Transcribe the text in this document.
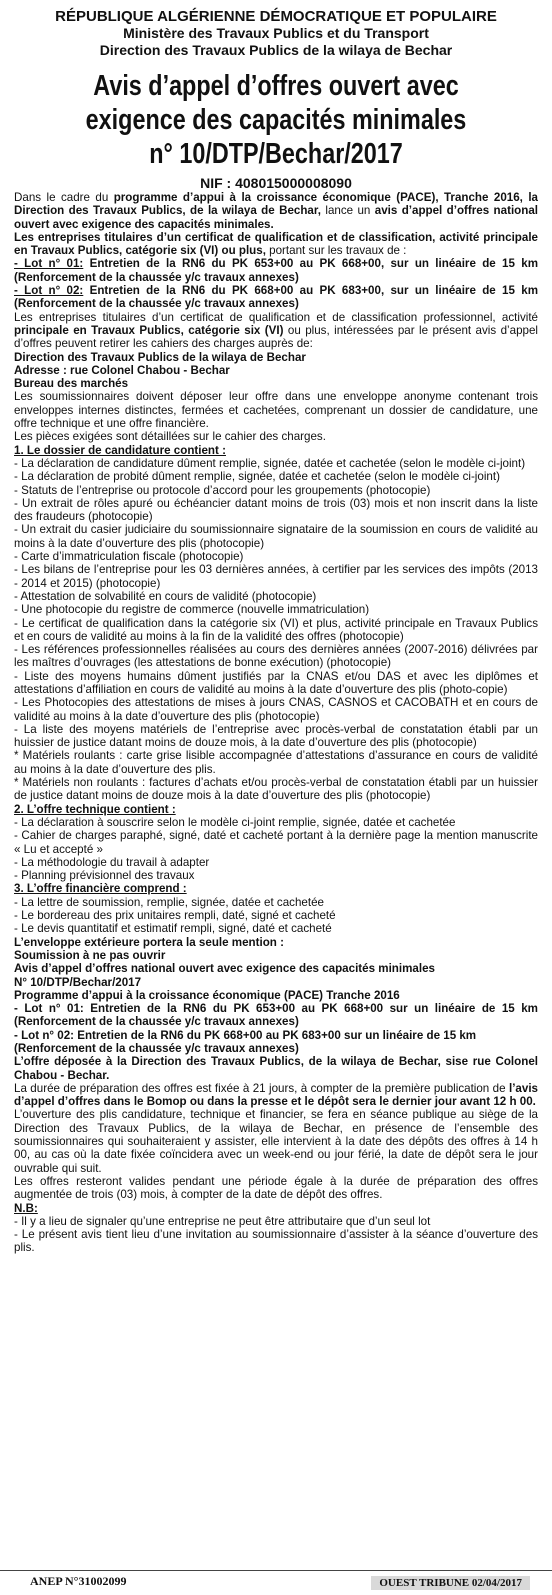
RÉPUBLIQUE ALGÉRIENNE DÉMOCRATIQUE ET POPULAIRE
Ministère des Travaux Publics et du Transport
Direction des Travaux Publics de la wilaya de Bechar
Avis d’appel d’offres ouvert avec
exigence des capacités minimales
n° 10/DTP/Bechar/2017
NIF : 408015000008090

Dans le cadre du programme d’appui à la croissance économique (PACE), Tranche 2016, la Direction des Travaux Publics, de la wilaya de Bechar, lance un avis d’appel d’offres national ouvert avec exigence des capacités minimales.

Les entreprises titulaires d’un certificat de qualification et de classification, activité principale en Travaux Publics, catégorie six (VI) ou plus, portant sur les travaux de :

- Lot n° 01: Entretien de la RN6 du PK 653+00 au PK 668+00, sur un linéaire de 15 km (Renforcement de la chaussée y/c travaux annexes)

- Lot n° 02: Entretien de la RN6 du PK 668+00 au PK 683+00, sur un linéaire de 15 km (Renforcement de la chaussée y/c travaux annexes)

Les entreprises titulaires d’un certificat de qualification et de classification professionnel, activité principale en Travaux Publics, catégorie six (VI) ou plus, intéressées par le présent avis d’appel d’offres peuvent retirer les cahiers des charges auprès de:

Direction des Travaux Publics de la wilaya de Bechar

Adresse : rue Colonel Chabou - Bechar

Bureau des marchés

Les soumissionnaires doivent déposer leur offre dans une enveloppe anonyme contenant trois enveloppes internes distinctes, fermées et cachetées, comprenant un dossier de candidature, une offre technique et une offre financière.

Les pièces exigées sont détaillées sur le cahier des charges.

1. Le dossier de candidature contient :

- La déclaration de candidature dûment remplie, signée, datée et cachetée (selon le modèle ci-joint)

- La déclaration de probité dûment remplie, signée, datée et cachetée (selon le modèle ci-joint)

- Statuts de l’entreprise ou protocole d’accord pour les groupements (photocopie)

- Un extrait de rôles apuré ou échéancier datant moins de trois (03) mois et non inscrit dans la liste des fraudeurs (photocopie)

- Un extrait du casier judiciaire du soumissionnaire signataire de la soumission en cours de validité au moins à la date d’ouverture des plis (photocopie)

- Carte d’immatriculation fiscale (photocopie)

- Les bilans de l’entreprise pour les 03 dernières années, à certifier par les services des impôts (2013 - 2014 et 2015) (photocopie)

- Attestation de solvabilité en cours de validité (photocopie)

- Une photocopie du registre de commerce (nouvelle immatriculation)

- Le certificat de qualification dans la catégorie six (VI) et plus, activité principale en Travaux Publics et en cours de validité au moins à la fin de la validité des offres (photocopie)

- Les références professionnelles réalisées au cours des dernières années (2007-2016) délivrées par les maîtres d’ouvrages (les attestations de bonne exécution) (photocopie)

- Liste des moyens humains dûment justifiés par la CNAS et/ou DAS et avec les diplômes et attestations d’affiliation en cours de validité au moins à la date d’ouverture des plis (photo-copie)

- Les Photocopies des attestations de mises à jours CNAS, CASNOS et CACOBATH et en cours de validité au moins à la date d’ouverture des plis (photocopie)

- La liste des moyens matériels de l’entreprise avec procès-verbal de constatation établi par un huissier de justice datant moins de douze mois, à la date d’ouverture des plis (photocopie)

* Matériels roulants : carte grise lisible accompagnée d’attestations d’assurance en cours de validité au moins à la date d’ouverture des plis.

* Matériels non roulants : factures d’achats et/ou procès-verbal de constatation établi par un huissier de justice datant moins de douze mois à la date d’ouverture des plis (photocopie)

2. L’offre technique contient :

- La déclaration à souscrire selon le modèle ci-joint remplie, signée, datée et cachetée

- Cahier de charges paraphé, signé, daté et cacheté portant à la dernière page la mention manuscrite « Lu et accepté »

- La méthodologie du travail à adapter

- Planning prévisionnel des travaux

3. L’offre financière comprend :

- La lettre de soumission, remplie, signée, datée et cachetée

- Le bordereau des prix unitaires rempli, daté, signé et cacheté

- Le devis quantitatif et estimatif rempli, signé, daté et cacheté

L’enveloppe extérieure portera la seule mention :

Soumission à ne pas ouvrir

Avis d’appel d’offres national ouvert avec exigence des capacités minimales

N° 10/DTP/Bechar/2017

Programme d’appui à la croissance économique (PACE) Tranche 2016

- Lot n° 01: Entretien de la RN6 du PK 653+00 au PK 668+00 sur un linéaire de 15 km (Renforcement de la chaussée y/c travaux annexes)

- Lot n° 02: Entretien de la RN6 du PK 668+00 au PK 683+00 sur un linéaire de 15 km

(Renforcement de la chaussée y/c travaux annexes)

L’offre déposée à la Direction des Travaux Publics, de la wilaya de Bechar, sise rue Colonel Chabou - Bechar.

La durée de préparation des offres est fixée à 21 jours, à compter de la première publication de l’avis d’appel d’offres dans le Bomop ou dans la presse et le dépôt sera le dernier jour avant 12 h 00.

L’ouverture des plis candidature, technique et financier, se fera en séance publique au siège de la Direction des Travaux Publics, de la wilaya de Bechar, en présence de l’ensemble des soumissionnaires qui souhaiteraient y assister, elle intervient à la date des dépôts des offres à 14 h 00, au cas où la date fixée coïncidera avec un week-end ou jour férié, la date de dépôt sera le jour ouvrable qui suit.

Les offres resteront valides pendant une période égale à la durée de préparation des offres augmentée de trois (03) mois, à compter de la date de dépôt des offres.

N.B:

- Il y a lieu de signaler qu’une entreprise ne peut être attributaire que d’un seul lot

- Le présent avis tient lieu d’une invitation au soumissionnaire d’assister à la séance d’ouverture des plis.

ANEP N°31002099	OUEST TRIBUNE 02/04/2017
